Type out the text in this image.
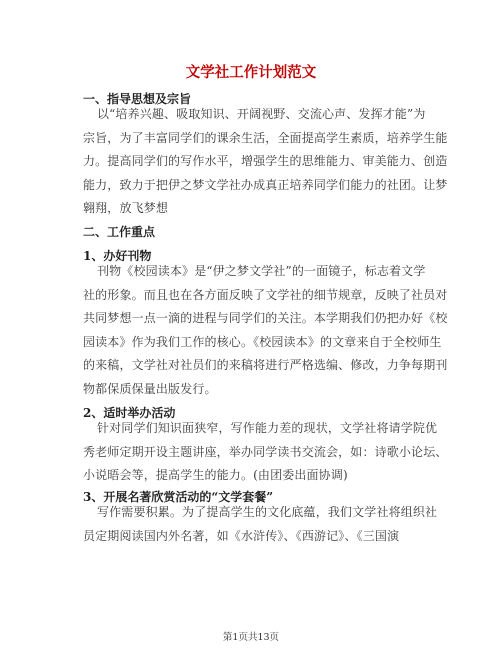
文学社工作计划范文
一、指导思想及宗旨
以“培养兴趣、吸取知识、开阔视野、交流心声、发挥才能”为
宗旨，为了丰富同学们的课余生活，全面提高学生素质，培养学生能
力。提高同学们的写作水平，增强学生的思维能力、审美能力、创造
能力，致力于把伊之梦文学社办成真正培养同学们能力的社团。让梦
翱翔，放飞梦想
二、工作重点
1、办好刊物
刊物《校园读本》是“伊之梦文学社”的一面镜子，标志着文学
社的形象。而且也在各方面反映了文学社的细节规章，反映了社员对
共同梦想一点一滴的进程与同学们的关注。本学期我们仍把办好《校
园读本》作为我们工作的核心。《校园读本》的文章来自于全校师生
的来稿，文学社对社员们的来稿将进行严格选编、修改，力争每期刊
物都保质保量出版发行。
2、适时举办活动
针对同学们知识面狭窄，写作能力差的现状，文学社将请学院优
秀老师定期开设主题讲座，举办同学读书交流会，如：诗歌小论坛、
小说晤会等，提高学生的能力。(由团委出面协调)
3、开展名著欣赏活动的“文学套餐”
写作需要积累。为了提高学生的文化底蕴，我们文学社将组织社
员定期阅读国内外名著，如《水浒传》、《西游记》、《三国演
第1页共13页
